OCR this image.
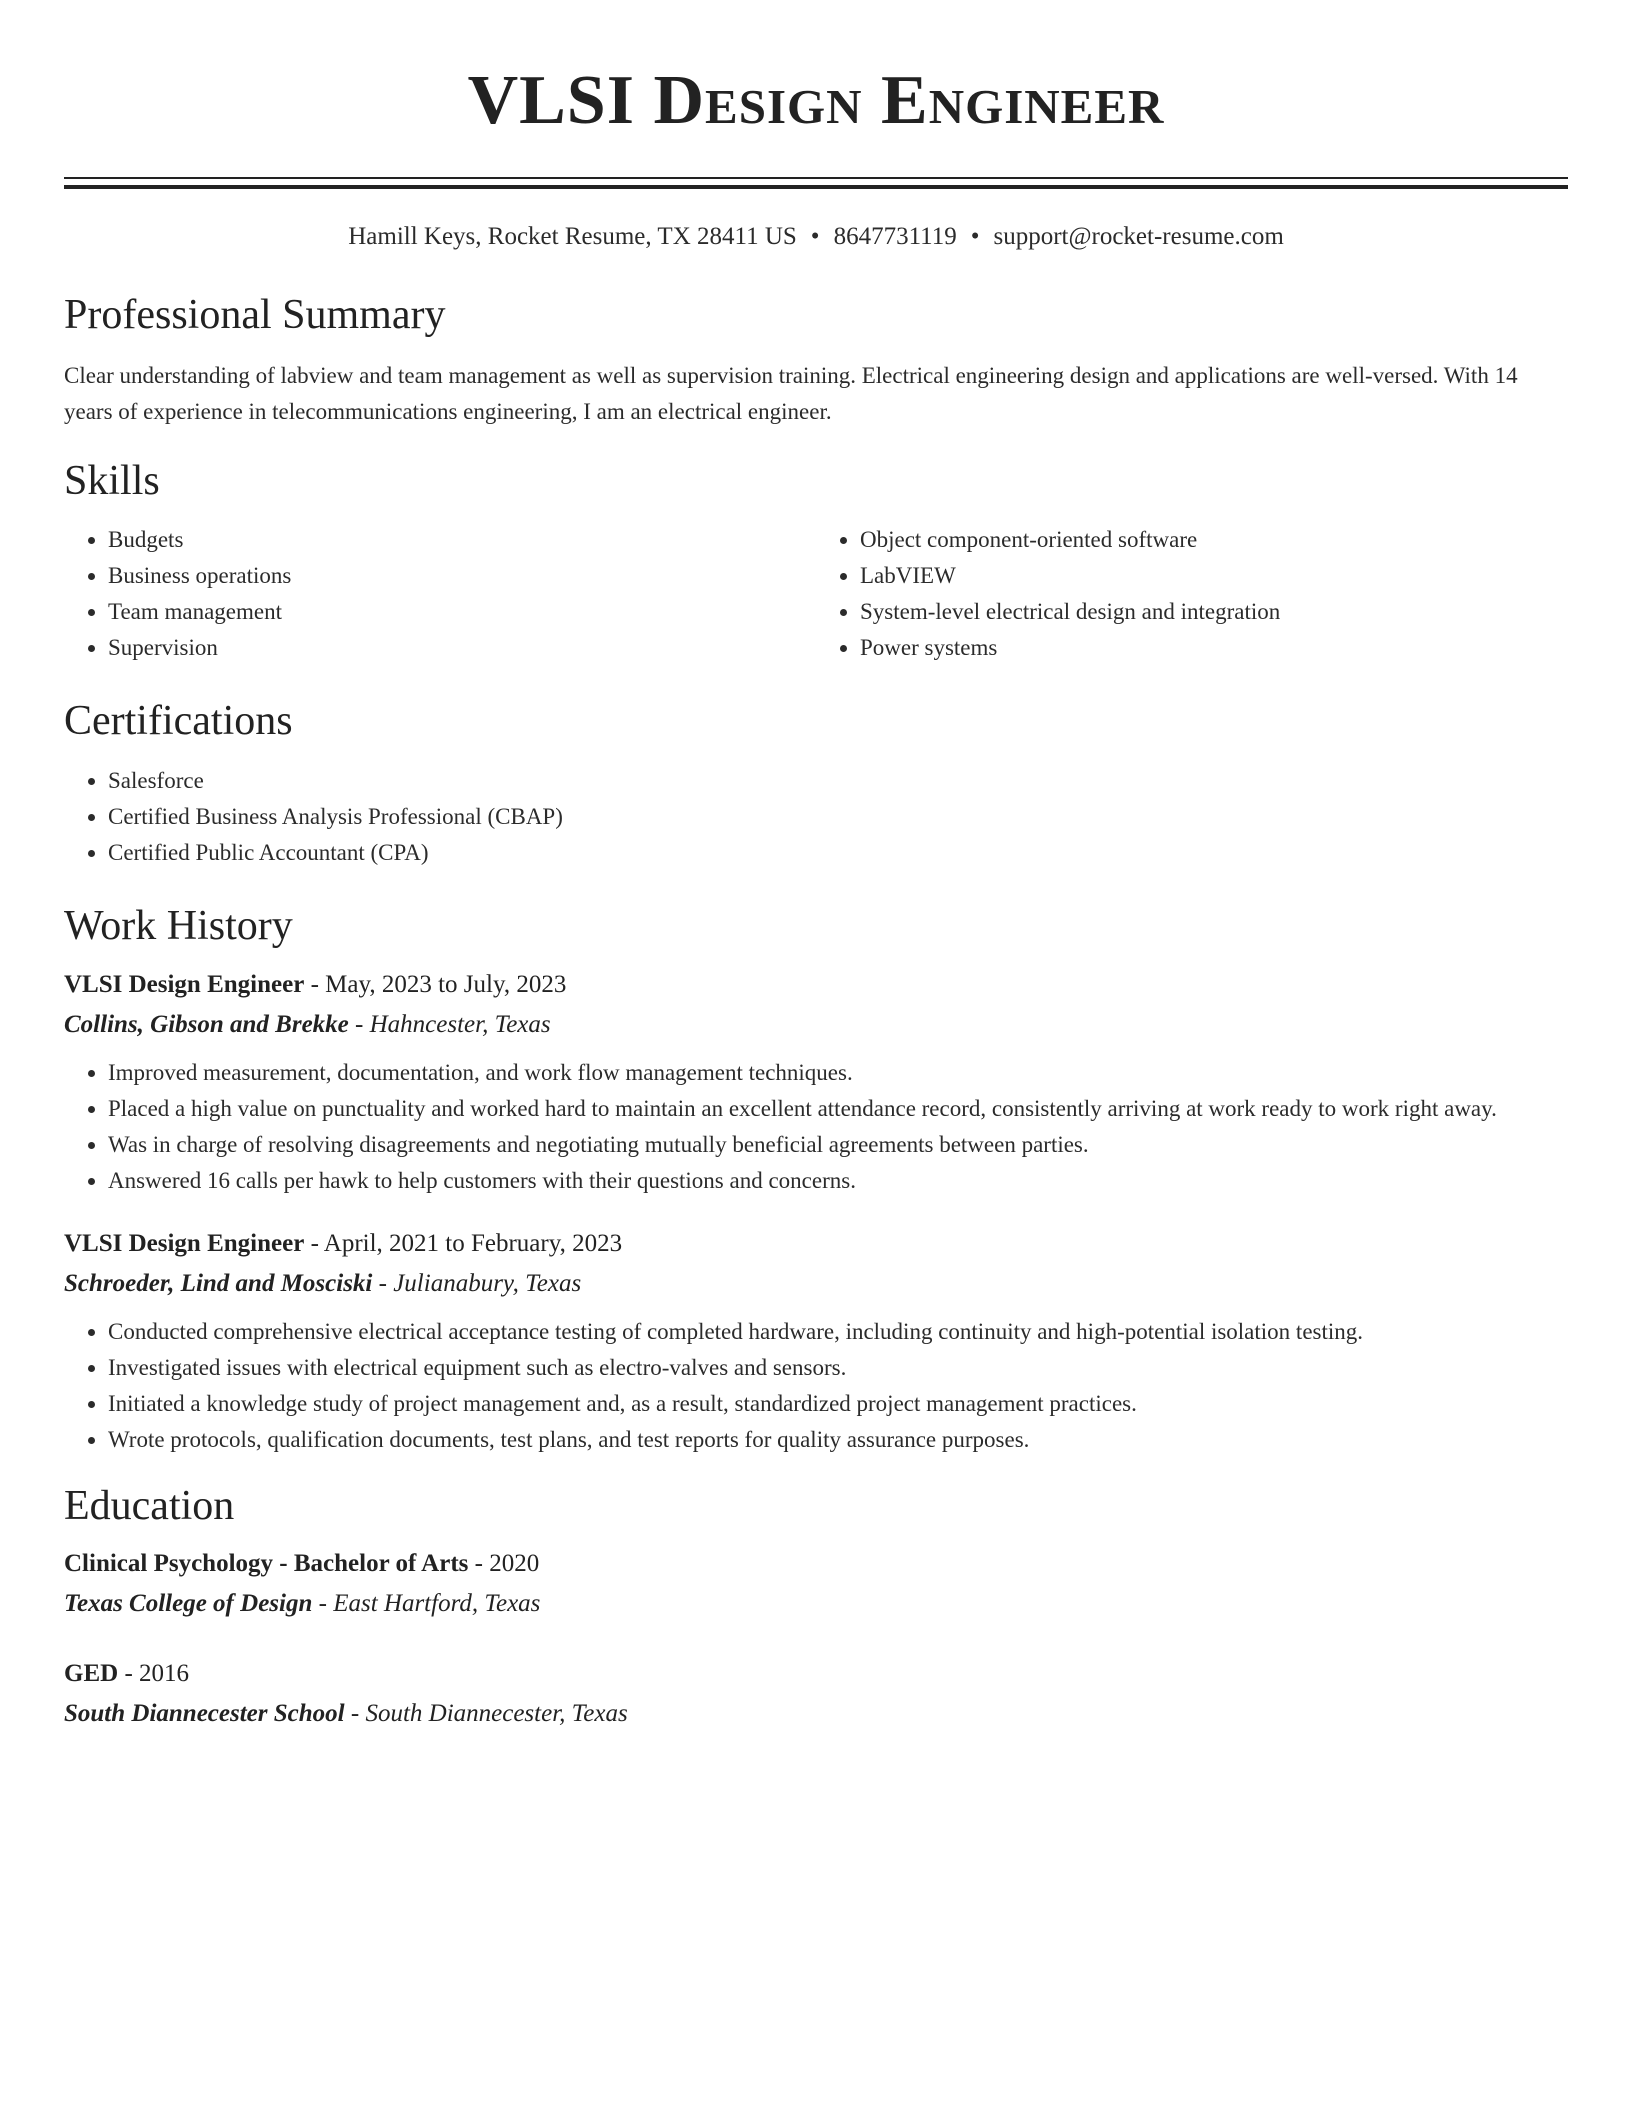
VLSI Design Engineer
Hamill Keys, Rocket Resume, TX 28411 US • 8647731119 • support@rocket-resume.com
Professional Summary
Clear understanding of labview and team management as well as supervision training. Electrical engineering design and applications are well-versed. With 14 years of experience in telecommunications engineering, I am an electrical engineer.
Skills
• Budgets
• Business operations
• Team management
• Supervision
• Object component-oriented software
• LabVIEW
• System-level electrical design and integration
• Power systems
Certifications
• Salesforce
• Certified Business Analysis Professional (CBAP)
• Certified Public Accountant (CPA)
Work History
VLSI Design Engineer - May, 2023 to July, 2023
Collins, Gibson and Brekke - Hahncester, Texas
• Improved measurement, documentation, and work flow management techniques.
• Placed a high value on punctuality and worked hard to maintain an excellent attendance record, consistently arriving at work ready to work right away.
• Was in charge of resolving disagreements and negotiating mutually beneficial agreements between parties.
• Answered 16 calls per hawk to help customers with their questions and concerns.
VLSI Design Engineer - April, 2021 to February, 2023
Schroeder, Lind and Mosciski - Julianabury, Texas
• Conducted comprehensive electrical acceptance testing of completed hardware, including continuity and high-potential isolation testing.
• Investigated issues with electrical equipment such as electro-valves and sensors.
• Initiated a knowledge study of project management and, as a result, standardized project management practices.
• Wrote protocols, qualification documents, test plans, and test reports for quality assurance purposes.
Education
Clinical Psychology - Bachelor of Arts - 2020
Texas College of Design - East Hartford, Texas
GED - 2016
South Diannecester School - South Diannecester, Texas
